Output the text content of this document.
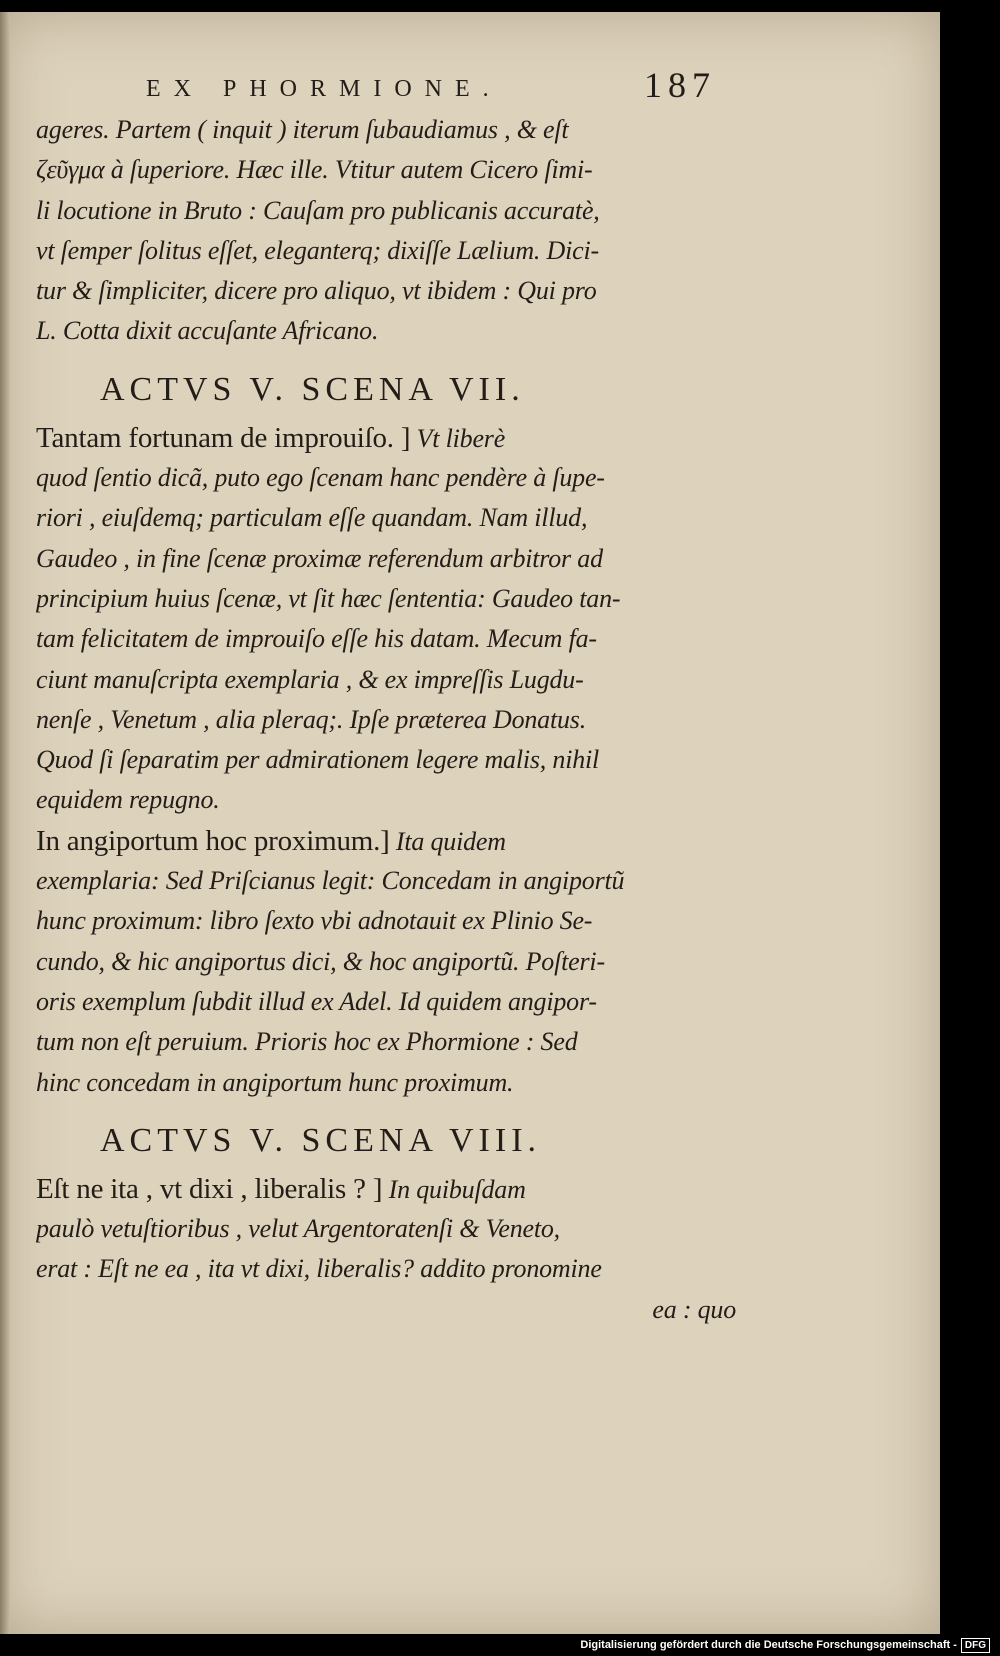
EX PHORMIONE.	187
ageres. Partem ( inquit ) iterum ſubaudiamus , & eſt
ζεῦγμα à ſuperiore. Hæc ille. Vtitur autem Cicero ſimi-
li locutione in Bruto : Cauſam pro publicanis accuratè,
vt ſemper ſolitus eſſet, eleganterq; dixiſſe Lælium. Dici-
tur & ſimpliciter, dicere pro aliquo, vt ibidem : Qui pro
L. Cotta dixit accuſante Africano.
ACTVS V. SCENA VII.
Tantam fortunam de improuiſo. ] Vt liberè
quod ſentio dicã, puto ego ſcenam hanc pendère à ſupe-
riori , eiuſdemq; particulam eſſe quandam. Nam illud,
Gaudeo , in fine ſcenæ proximæ referendum arbitror ad
principium huius ſcenæ, vt ſit hæc ſententia: Gaudeo tan-
tam felicitatem de improuiſo eſſe his datam. Mecum fa-
ciunt manuſcripta exemplaria , & ex impreſſis Lugdu-
nenſe , Venetum , alia pleraq;. Ipſe præterea Donatus.
Quod ſi ſeparatim per admirationem legere malis, nihil
equidem repugno.
In angiportum hoc proximum.] Ita quidem
exemplaria: Sed Priſcianus legit: Concedam in angiportũ
hunc proximum: libro ſexto vbi adnotauit ex Plinio Se-
cundo, & hic angiportus dici, & hoc angiportũ. Poſteri-
oris exemplum ſubdit illud ex Adel. Id quidem angipor-
tum non eſt peruium. Prioris hoc ex Phormione : Sed
hinc concedam in angiportum hunc proximum.
ACTVS V. SCENA VIII.
Eſt ne ita , vt dixi , liberalis ? ] In quibuſdam
paulò vetuſtioribus , velut Argentoratenſi & Veneto,
erat : Eſt ne ea , ita vt dixi, liberalis? addito pronomine
ea : quo
Digitalisierung gefördert durch die Deutsche Forschungsgemeinschaft - DFG
